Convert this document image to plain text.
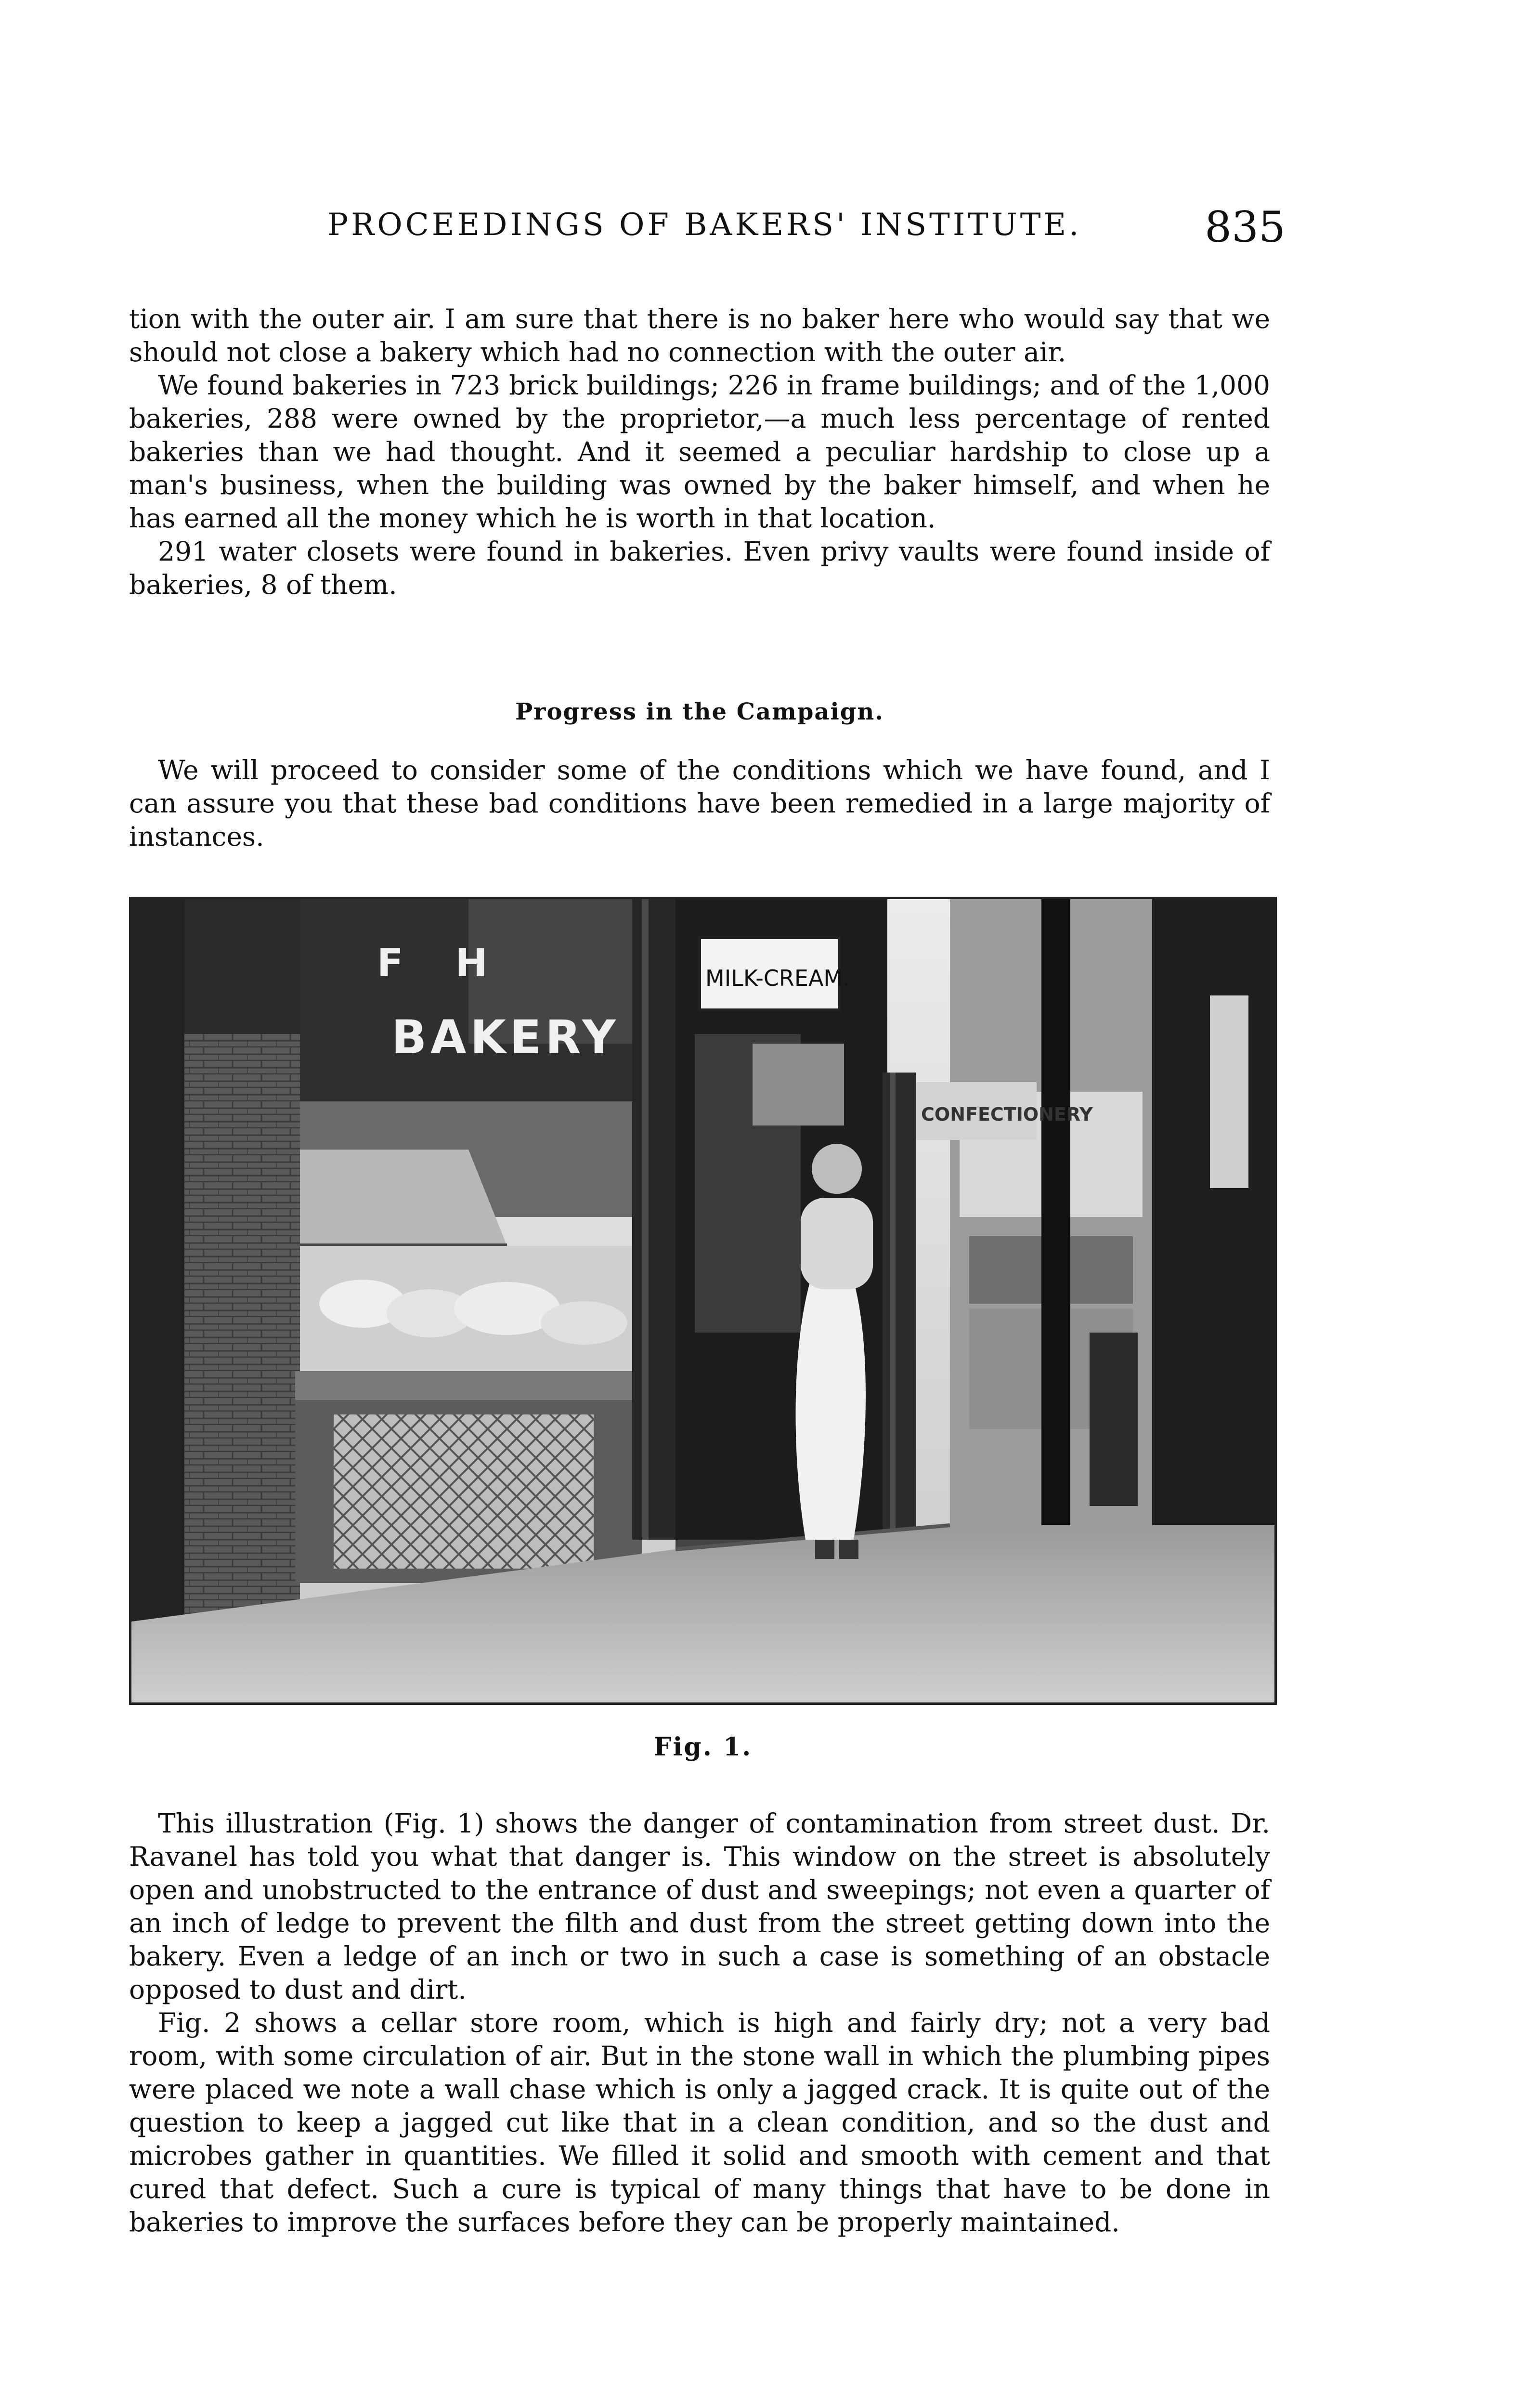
PROCEEDINGS OF BAKERS' INSTITUTE.	835

tion with the outer air. I am sure that there is no baker here who would say that we should not close a bakery which had no connection with the outer air.

We found bakeries in 723 brick buildings; 226 in frame buildings; and of the 1,000 bakeries, 288 were owned by the proprietor,—a much less percentage of rented bakeries than we had thought. And it seemed a peculiar hardship to close up a man's business, when the building was owned by the baker himself, and when he has earned all the money which he is worth in that location.

291 water closets were found in bakeries. Even privy vaults were found inside of bakeries, 8 of them.

Progress in the Campaign.

We will proceed to consider some of the conditions which we have found, and I can assure you that these bad conditions have been remedied in a large majority of instances.

F H
BAKERY
MILK-CREAM.
CONFECTIONERY
Fig. 1.

This illustration (Fig. 1) shows the danger of contamination from street dust. Dr. Ravanel has told you what that danger is. This window on the street is absolutely open and unobstructed to the entrance of dust and sweepings; not even a quarter of an inch of ledge to prevent the filth and dust from the street getting down into the bakery. Even a ledge of an inch or two in such a case is something of an obstacle opposed to dust and dirt.

Fig. 2 shows a cellar store room, which is high and fairly dry; not a very bad room, with some circulation of air. But in the stone wall in which the plumbing pipes were placed we note a wall chase which is only a jagged crack. It is quite out of the question to keep a jagged cut like that in a clean condition, and so the dust and microbes gather in quantities. We filled it solid and smooth with cement and that cured that defect. Such a cure is typical of many things that have to be done in bakeries to improve the surfaces before they can be properly maintained.
